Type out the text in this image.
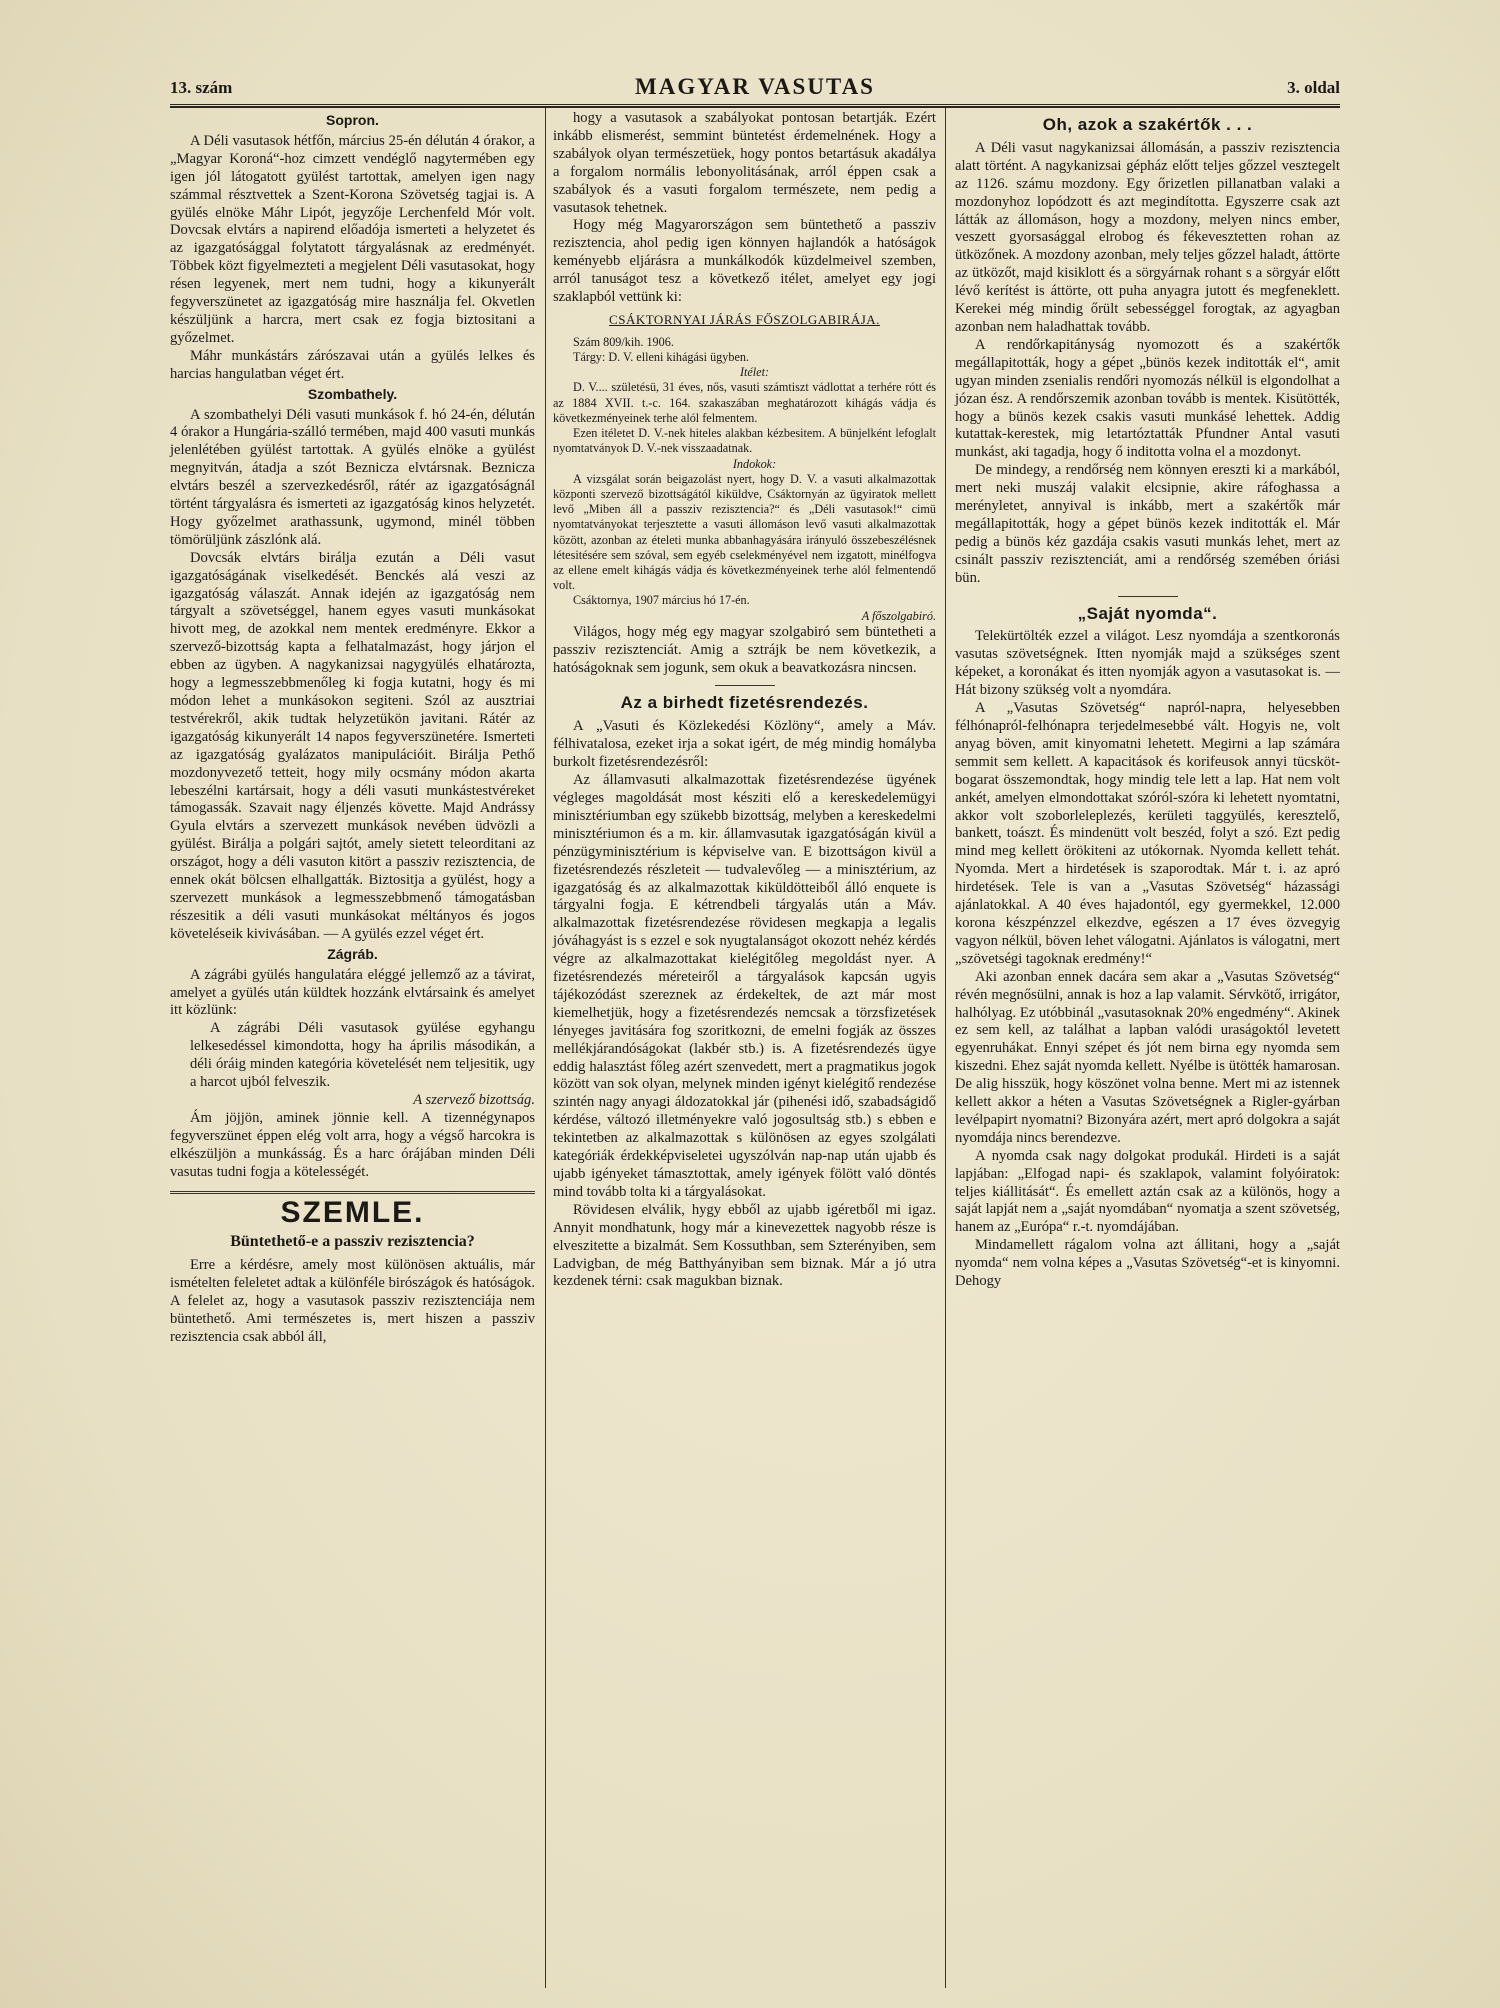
13. szám	MAGYAR VASUTAS	3. oldal
Sopron.

A Déli vasutasok hétfőn, március 25-én délután 4 órakor, a „Magyar Koroná“-hoz cimzett vendéglő nagytermében egy igen jól látogatott gyülést tartottak, amelyen igen nagy számmal résztvettek a Szent-Korona Szövetség tagjai is. A gyülés elnöke Máhr Lipót, jegyzője Lerchenfeld Mór volt. Dovcsak elvtárs a napirend előadója ismerteti a helyzetet és az igazgatósággal folytatott tárgyalásnak az eredményét. Többek közt figyelmezteti a megjelent Déli vasutasokat, hogy résen legyenek, mert nem tudni, hogy a kikunyerált fegyverszünetet az igazgatóság mire használja fel. Okvetlen készüljünk a harcra, mert csak ez fogja biztositani a győzelmet.

Máhr munkástárs zárószavai után a gyülés lelkes és harcias hangulatban véget ért.

Szombathely.

A szombathelyi Déli vasuti munkások f. hó 24-én, délután 4 órakor a Hungária-szálló termében, majd 400 vasuti munkás jelenlétében gyülést tartottak. A gyülés elnöke a gyülést megnyitván, átadja a szót Beznicza elvtársnak. Beznicza elvtárs beszél a szervezkedésről, rátér az igazgatóságnál történt tárgyalásra és ismerteti az igazgatóság kinos helyzetét. Hogy győzelmet arathassunk, ugymond, minél többen tömörüljünk zászlónk alá.

Dovcsák elvtárs birálja ezután a Déli vasut igazgatóságának viselkedését. Benckés alá veszi az igazgatóság válaszát. Annak idején az igazgatóság nem tárgyalt a szövetséggel, hanem egyes vasuti munkásokat hivott meg, de azokkal nem mentek eredményre. Ekkor a szervező-bizottság kapta a felhatalmazást, hogy járjon el ebben az ügyben. A nagykanizsai nagygyülés elhatározta, hogy a legmesszebbmenőleg ki fogja kutatni, hogy és mi módon lehet a munkásokon segiteni. Szól az ausztriai testvérekről, akik tudtak helyzetükön javitani. Rátér az igazgatóság kikunyerált 14 napos fegyverszünetére. Ismerteti az igazgatóság gyalázatos manipulációit. Birálja Pethő mozdonyvezető tetteit, hogy mily ocsmány módon akarta lebeszélni kartársait, hogy a déli vasuti munkástestvéreket támogassák. Szavait nagy éljenzés követte. Majd Andrássy Gyula elvtárs a szervezett munkások nevében üdvözli a gyülést. Birálja a polgári sajtót, amely sietett teleorditani az országot, hogy a déli vasuton kitört a passziv rezisztencia, de ennek okát bölcsen elhallgatták. Biztositja a gyülést, hogy a szervezett munkások a legmesszebbmenő támogatásban részesitik a déli vasuti munkásokat méltányos és jogos követeléseik kivivásában. — A gyülés ezzel véget ért.

Zágráb.

A zágrábi gyülés hangulatára eléggé jellemző az a távirat, amelyet a gyülés után küldtek hozzánk elvtársaink és amelyet itt közlünk:

A zágrábi Déli vasutasok gyülése egyhangu lelkesedéssel kimondotta, hogy ha április másodikán, a déli óráig minden kategória követelését nem teljesitik, ugy a harcot ujból felveszik.

A szervező bizottság.

Ám jöjjön, aminek jönnie kell. A tizennégynapos fegyverszünet éppen elég volt arra, hogy a végső harcokra is elkészüljön a munkásság. És a harc órájában minden Déli vasutas tudni fogja a kötelességét.

SZEMLE.
Büntethető-e a passziv rezisztencia?

Erre a kérdésre, amely most különösen aktuális, már ismételten feleletet adtak a különféle birószágok és hatóságok. A felelet az, hogy a vasutasok passziv rezisztenciája nem büntethető. Ami természetes is, mert hiszen a passziv rezisztencia csak abból áll,

hogy a vasutasok a szabályokat pontosan betartják. Ezért inkább elismerést, semmint büntetést érdemelnének. Hogy a szabályok olyan természetüek, hogy pontos betartásuk akadálya a forgalom normális lebonyolitásának, arról éppen csak a szabályok és a vasuti forgalom természete, nem pedig a vasutasok tehetnek.

Hogy még Magyarországon sem büntethető a passziv rezisztencia, ahol pedig igen könnyen hajlandók a hatóságok keményebb eljárásra a munkálkodók küzdelmeivel szemben, arról tanuságot tesz a következő itélet, amelyet egy jogi szaklapból vettünk ki:

CSÁKTORNYAI JÁRÁS FŐSZOLGABIRÁJA.

Szám 809/kih. 1906.

Tárgy: D. V. elleni kihágási ügyben.

Itélet:

D. V.... születésü, 31 éves, nős, vasuti számtiszt vádlottat a terhére rótt és az 1884 XVII. t.-c. 164. szakaszában meghatározott kihágás vádja és következményeinek terhe alól felmentem.

Ezen itéletet D. V.-nek hiteles alakban kézbesitem. A bünjelként lefoglalt nyomtatványok D. V.-nek visszaadatnak.

Indokok:

A vizsgálat során beigazolást nyert, hogy D. V. a vasuti alkalmazottak központi szervező bizottságától kiküldve, Csáktornyán az ügyiratok mellett levő „Miben áll a passziv rezisztencia?“ és „Déli vasutasok!“ cimü nyomtatványokat terjesztette a vasuti állomáson levő vasuti alkalmazottak között, azonban az ételeti munka abbanhagyására irányuló összebeszélésnek létesitésére sem szóval, sem egyéb cselekményével nem izgatott, minélfogva az ellene emelt kihágás vádja és következményeinek terhe alól felmentendő volt.

Csáktornya, 1907 március hó 17-én.

A főszolgabiró.

Világos, hogy még egy magyar szolgabiró sem büntetheti a passziv rezisztenciát. Amig a sztrájk be nem következik, a hatóságoknak sem jogunk, sem okuk a beavatkozásra nincsen.

Az a birhedt fizetésrendezés.

A „Vasuti és Közlekedési Közlöny“, amely a Máv. félhivatalosa, ezeket irja a sokat igért, de még mindig homályba burkolt fizetésrendezésről:

Az államvasuti alkalmazottak fizetésrendezése ügyének végleges magoldását most késziti elő a kereskedelemügyi minisztériumban egy szükebb bizottság, melyben a kereskedelmi minisztériumon és a m. kir. államvasutak igazgatóságán kivül a pénzügyminisztérium is képviselve van. E bizottságon kivül a fizetésrendezés részleteit — tudvalevőleg — a minisztérium, az igazgatóság és az alkalmazottak kiküldötteiből álló enquete is tárgyalni fogja. E kétrendbeli tárgyalás után a Máv. alkalmazottak fizetésrendezése rövidesen megkapja a legalis jóváhagyást is s ezzel e sok nyugtalanságot okozott nehéz kérdés végre az alkalmazottakat kielégitőleg megoldást nyer. A fizetésrendezés méreteiről a tárgyalások kapcsán ugyis tájékozódást szereznek az érdekeltek, de azt már most kiemelhetjük, hogy a fizetésrendezés nemcsak a törzsfizetések lényeges javitására fog szoritkozni, de emelni fogják az összes mellékjárandóságokat (lakbér stb.) is. A fizetésrendezés ügye eddig halasztást főleg azért szenvedett, mert a pragmatikus jogok között van sok olyan, melynek minden igényt kielégitő rendezése szintén nagy anyagi áldozatokkal jár (pihenési idő, szabadságidő kérdése, változó illetményekre való jogosultság stb.) s ebben e tekintetben az alkalmazottak s különösen az egyes szolgálati kategóriák érdekképviseletei ugyszólván nap-nap után ujabb és ujabb igényeket támasztottak, amely igények fölött való döntés mind tovább tolta ki a tárgyalásokat.

Rövidesen elválik, hygy ebből az ujabb igéretből mi igaz. Annyit mondhatunk, hogy már a kinevezettek nagyobb része is elveszitette a bizalmát. Sem Kossuthban, sem Szterényiben, sem Ladvigban, de még Batthyányiban sem biznak. Már a jó utra kezdenek térni: csak magukban biznak.

Oh, azok a szakértők . . .

A Déli vasut nagykanizsai állomásán, a passziv rezisztencia alatt történt. A nagykanizsai gépház előtt teljes gőzzel vesztegelt az 1126. számu mozdony. Egy őrizetlen pillanatban valaki a mozdonyhoz lopódzott és azt megindította. Egyszerre csak azt látták az állomáson, hogy a mozdony, melyen nincs ember, veszett gyorsasággal elrobog és fékevesztetten rohan az ütközőnek. A mozdony azonban, mely teljes gőzzel haladt, áttörte az ütközőt, majd kisiklott és a sörgyárnak rohant s a sörgyár előtt lévő kerítést is áttörte, ott puha anyagra jutott és megfeneklett. Kerekei még mindig őrült sebességgel forogtak, az agyagban azonban nem haladhattak tovább.

A rendőrkapitányság nyomozott és a szakértők megállapitották, hogy a gépet „bünös kezek inditották el“, amit ugyan minden zsenialis rendőri nyomozás nélkül is elgondolhat a józan ész. A rendőrszemik azonban tovább is mentek. Kisütötték, hogy a bünös kezek csakis vasuti munkásé lehettek. Addig kutattak-kerestek, mig letartóztatták Pfundner Antal vasuti munkást, aki tagadja, hogy ő inditotta volna el a mozdonyt.

De mindegy, a rendőrség nem könnyen ereszti ki a markából, mert neki muszáj valakit elcsipnie, akire ráfoghassa a merényletet, annyival is inkább, mert a szakértők már megállapitották, hogy a gépet bünös kezek inditották el. Már pedig a bünös kéz gazdája csakis vasuti munkás lehet, mert az csinált passziv rezisztenciát, ami a rendőrség szemében óriási bün.

„Saját nyomda“.

Telekürtölték ezzel a világot. Lesz nyomdája a szentkoronás vasutas szövetségnek. Itten nyomják majd a szükséges szent képeket, a koronákat és itten nyomják agyon a vasutasokat is. — Hát bizony szükség volt a nyomdára.

A „Vasutas Szövetség“ napról-napra, helyesebben félhónapról-felhónapra terjedelmesebbé vált. Hogyis ne, volt anyag böven, amit kinyomatni lehetett. Megirni a lap számára semmit sem kellett. A kapacitások és korifeusok annyi tücsköt-bogarat összemondtak, hogy mindig tele lett a lap. Hat nem volt ankét, amelyen elmondottakat szóról-szóra ki lehetett nyomtatni, akkor volt szoborleleplezés, kerületi taggyülés, keresztelő, bankett, toászt. És mindenütt volt beszéd, folyt a szó. Ezt pedig mind meg kellett örökiteni az utókornak. Nyomda kellett tehát. Nyomda. Mert a hirdetések is szaporodtak. Már t. i. az apró hirdetések. Tele is van a „Vasutas Szövetség“ házassági ajánlatokkal. A 40 éves hajadontól, egy gyermekkel, 12.000 korona készpénzzel elkezdve, egészen a 17 éves özvegyig vagyon nélkül, böven lehet válogatni. Ajánlatos is válogatni, mert „szövetségi tagoknak eredmény!“

Aki azonban ennek dacára sem akar a „Vasutas Szövetség“ révén megnősülni, annak is hoz a lap valamit. Sérvkötő, irrigátor, halhólyag. Ez utóbbinál „vasutasoknak 20% engedmény“. Akinek ez sem kell, az találhat a lapban valódi uraságoktól levetett egyenruhákat. Ennyi szépet és jót nem birna egy nyomda sem kiszedni. Ehez saját nyomda kellett. Nyélbe is ütötték hamarosan. De alig hisszük, hogy köszönet volna benne. Mert mi az istennek kellett akkor a héten a Vasutas Szövetségnek a Rigler-gyárban levélpapirt nyomatni? Bizonyára azért, mert apró dolgokra a saját nyomdája nincs berendezve.

A nyomda csak nagy dolgokat produkál. Hirdeti is a saját lapjában: „Elfogad napi- és szaklapok, valamint folyóiratok: teljes kiállitását“. És emellett aztán csak az a különös, hogy a saját lapját nem a „saját nyomdában“ nyomatja a szent szövetség, hanem az „Európa“ r.-t. nyomdájában.

Mindamellett rágalom volna azt állitani, hogy a „saját nyomda“ nem volna képes a „Vasutas Szövetség“-et is kinyomni. Dehogy
